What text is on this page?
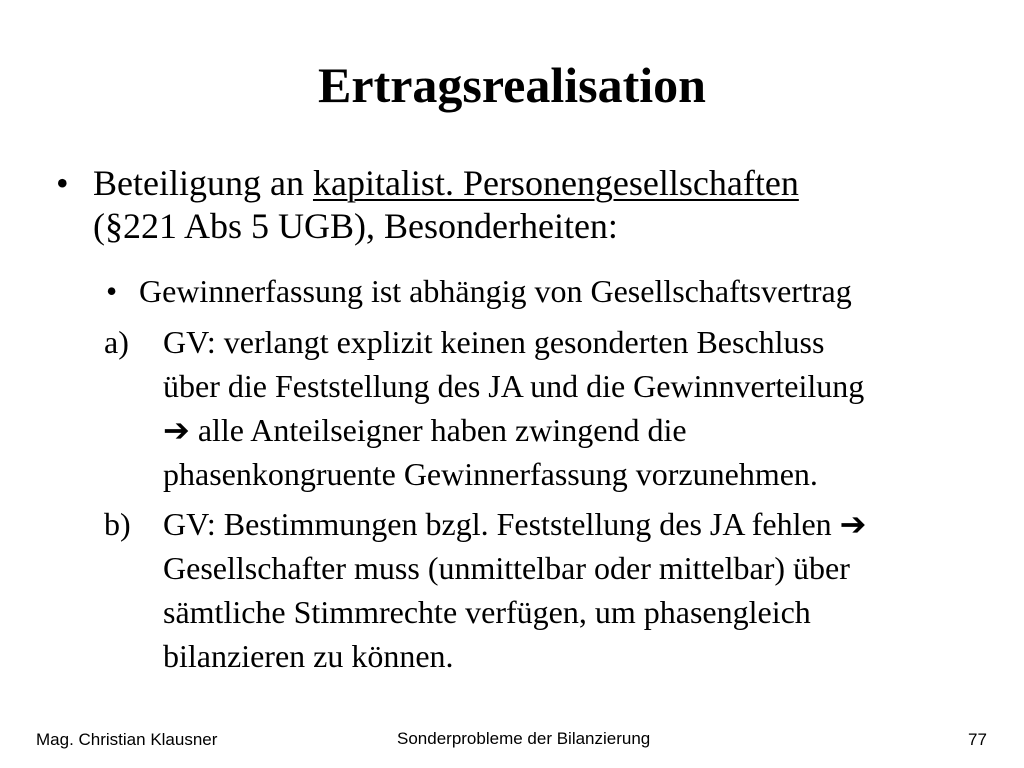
Ertragsrealisation
• Beteiligung an kapitalist. Personengesellschaften
(§221 Abs 5 UGB), Besonderheiten:
• Gewinnerfassung ist abhängig von Gesellschaftsvertrag
a) GV: verlangt explizit keinen gesonderten Beschluss
über die Feststellung des JA und die Gewinnverteilung
➔ alle Anteilseigner haben zwingend die
phasenkongruente Gewinnerfassung vorzunehmen.
b) GV: Bestimmungen bzgl. Feststellung des JA fehlen ➔
Gesellschafter muss (unmittelbar oder mittelbar) über
sämtliche Stimmrechte verfügen, um phasengleich
bilanzieren zu können.
Mag. Christian Klausner	Sonderprobleme der Bilanzierung	77
